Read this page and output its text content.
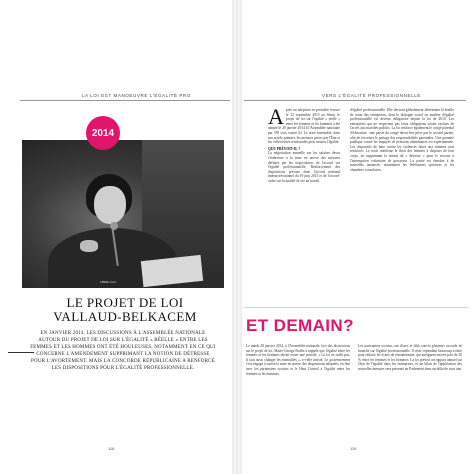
LA LOI EST MANOEUVRE L'ÉGALITÉ PRO
LIBRE CLIC
2014
LE PROJET DE LOI
VALLAUD-BELKACEM
EN JANVIER 2014, LES DISCUSSIONS À L'ASSEMBLÉE NATIONALE AUTOUR DU PROJET DE LOI SUR L'ÉGALITÉ « RÉELLE » ENTRE LES FEMMES ET LES HOMMES ONT ÉTÉ HOULEUSES, NOTAMMENT EN CE QUI CONCERNE L'AMENDEMENT SUPPRIMANT LA NOTION DE DÉTRESSE POUR L'AVORTEMENT. MAIS LA CONCORDE RÉPUBLICAINE A RENFORCÉ LES DISPOSITIONS POUR L'ÉGALITÉ PROFESSIONNELLE.
118
VERS L'ÉGALITÉ PROFESSIONNELLE
A près un adoption en première lecture le 22 septembre 2013 au Sénat, le projet de loi sur l'égalité « réelle » entre les femmes et les hommes a été adopté le 28 janvier 2014 à l'Assemblée nationale par 359 voix contre 24. Le texte rassemble, dans son article premier, les mesures prises par l'État et les collectivités territoriales pour assurer l'égalité.
QUE PRÉVOIT-IL ?
La négociation annuelle sur les salaires devra s'intéresser à la mise en œuvre des mesures définies par les négociations de l'accord sur l'égalité professionnelle. Renforcement des dispositions prévues dans l'accord national interprofessionnel du 19 juin 2013 et de l'accord-cadre sur la qualité de vie au travail.
d'égalité professionnelle. Elle devront globalement déterminer la feuille de route des entreprises, dont le dialogue social en matière d'égalité professionnelle est devenu obligatoire depuis la loi de 2010. Les entreprises qui ne respectent pas leurs obligations seront exclues de l'accès aux marchés publics. La loi renforce également le congé parental d'éducation : une partie du congé devra être prise par le second parent, afin de favoriser le partage des responsabilités parentales. Une garantie publique contre les impayés de pensions alimentaires est expérimentée. Les dispositifs de lutte contre les violences faites aux femmes sont renforcés. Le texte réaffirme le droit des femmes à disposer de leur corps, en supprimant la notion de « détresse » pour le recours à l'interruption volontaire de grossesse. La parité est étendue à de nouvelles instances, notamment les fédérations sportives et les chambres consulaires.
ET DEMAIN?
Le mardi 28 janvier 2014, à l'Assemblée nationale, lors des discussions sur le projet de loi, Marie-George Buffet a rappelé que l'égalité entre les femmes et les hommes devait rester une priorité. « La loi ne suffit pas, il faut aussi changer les mentalités », a-t-elle insisté. Le gouvernement s'est engagé à suivre la mise en œuvre des dispositions adoptées, en lien avec les partenaires sociaux et le Haut Conseil à l'égalité entre les femmes et les hommes.
Les partenaires sociaux ont d'ores et déjà conclu plusieurs accords de branche sur l'égalité professionnelle. Il reste cependant beaucoup à faire pour réduire les écarts de rémunération, qui atteignent encore près de 20 % entre les femmes et les hommes. La loi prévoit un rapport annuel sur l'état de l'égalité dans les entreprises, et un bilan de l'application des nouvelles mesures sera présenté au Parlement dans un délai de trois ans.
119
